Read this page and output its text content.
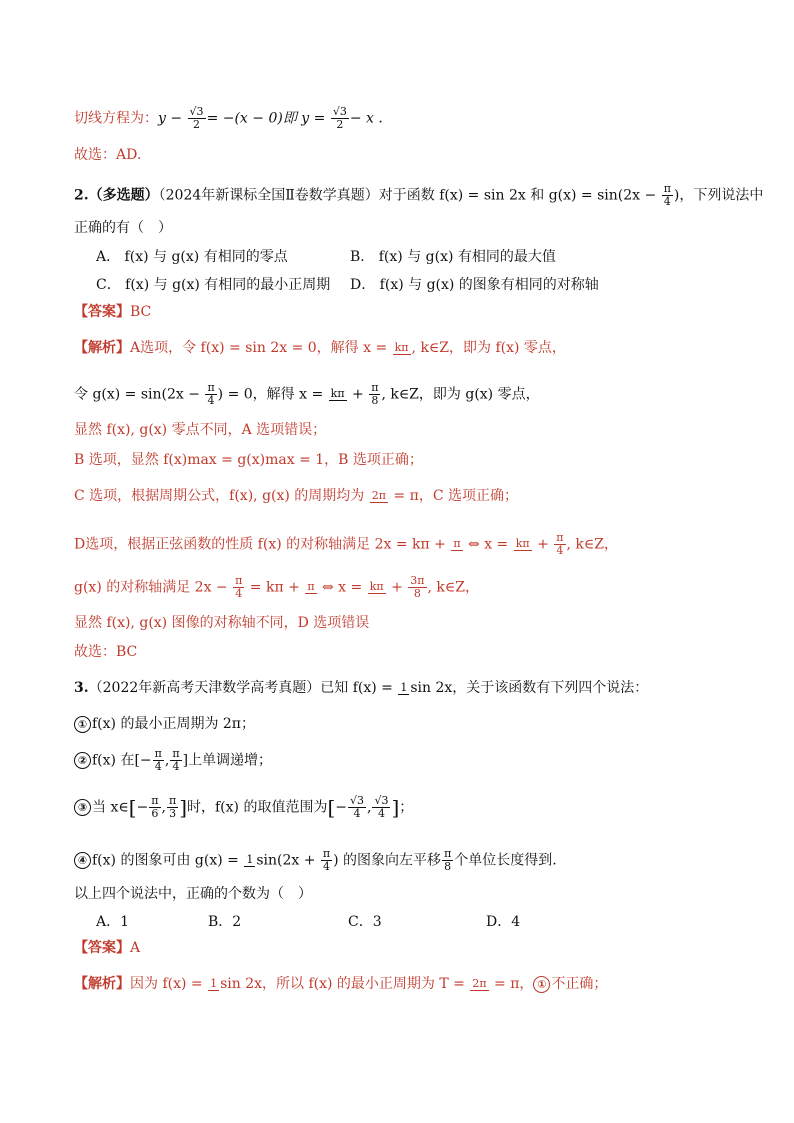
切线方程为：$y - \frac{√3}{2} = -(x - 0)$即 $y = \frac{√3}{2} - x$ .
故选：AD.
2.（多选题）（2024年新课标全国Ⅱ卷数学真题）对于函数 f(x) = sin 2x 和 $g(x) = \sin(2x - \frac{\pi}{4}$ )，下列说法中
正确的有（　）
A． f(x) 与 g(x) 有相同的零点	B． f(x) 与 g(x) 有相同的最大值
C． f(x) 与 g(x) 有相同的最小正周期 D． f(x) 与 g(x) 的图象有相同的对称轴
【答案】BC
【解析】A选项，令 f(x) = sin 2x = 0，解得 x = kπ , k∈Z，即为 f(x) 零点，
令 $g(x) = \sin(2x - \frac{\pi}{4}$ ) = 0，解得 $x = k\pi + \frac{\pi}{8}$ , k∈Z，即为 g(x) 零点，
显然 f(x), g(x) 零点不同，A 选项错误；
B 选项，显然 f(x)max = g(x)max = 1，B 选项正确；
C 选项，根据周期公式，f(x), g(x) 的周期均为 2π = π，C 选项正确；
D选项，根据正弦函数的性质 f(x) 的对称轴满足 2x = kπ + π ⇔ $x = k\pi + \frac{\pi}{4}$ , k∈Z，
g(x) 的对称轴满足 $2x - \frac{\pi}{4} = k\pi + \pi$ ⇔ $x = k\pi + \frac{3\pi}{8}$ , k∈Z，
显然 f(x), g(x) 图像的对称轴不同，D 选项错误
故选：BC
3.（2022年新高考天津数学高考真题）已知 f(x) = 1 sin 2x，关于该函数有下列四个说法：
① f(x) 的最小正周期为 2π；
② f(x) 在[− $\frac{\pi}{4}$ , $\frac{\pi}{4}$ ]上单调递增；
③ 当 x∈[− $\frac{\pi}{6}$ , $\frac{\pi}{3}$ ]时，f(x) 的取值范围为[− $\frac{√3}{4}$ , $\frac{√3}{4}$ ]；
④ f(x) 的图象可由 g(x) = 1 $\sin(2x + \frac{\pi}{4}$ ) 的图象向左平移 $\frac{\pi}{8}$ 个单位长度得到.
以上四个说法中，正确的个数为（　）
A．1	B．2	C．3	D．4
【答案】A
【解析】因为 f(x) = 1 sin 2x，所以 f(x) 的最小正周期为 T = 2π = π， ① 不正确；
